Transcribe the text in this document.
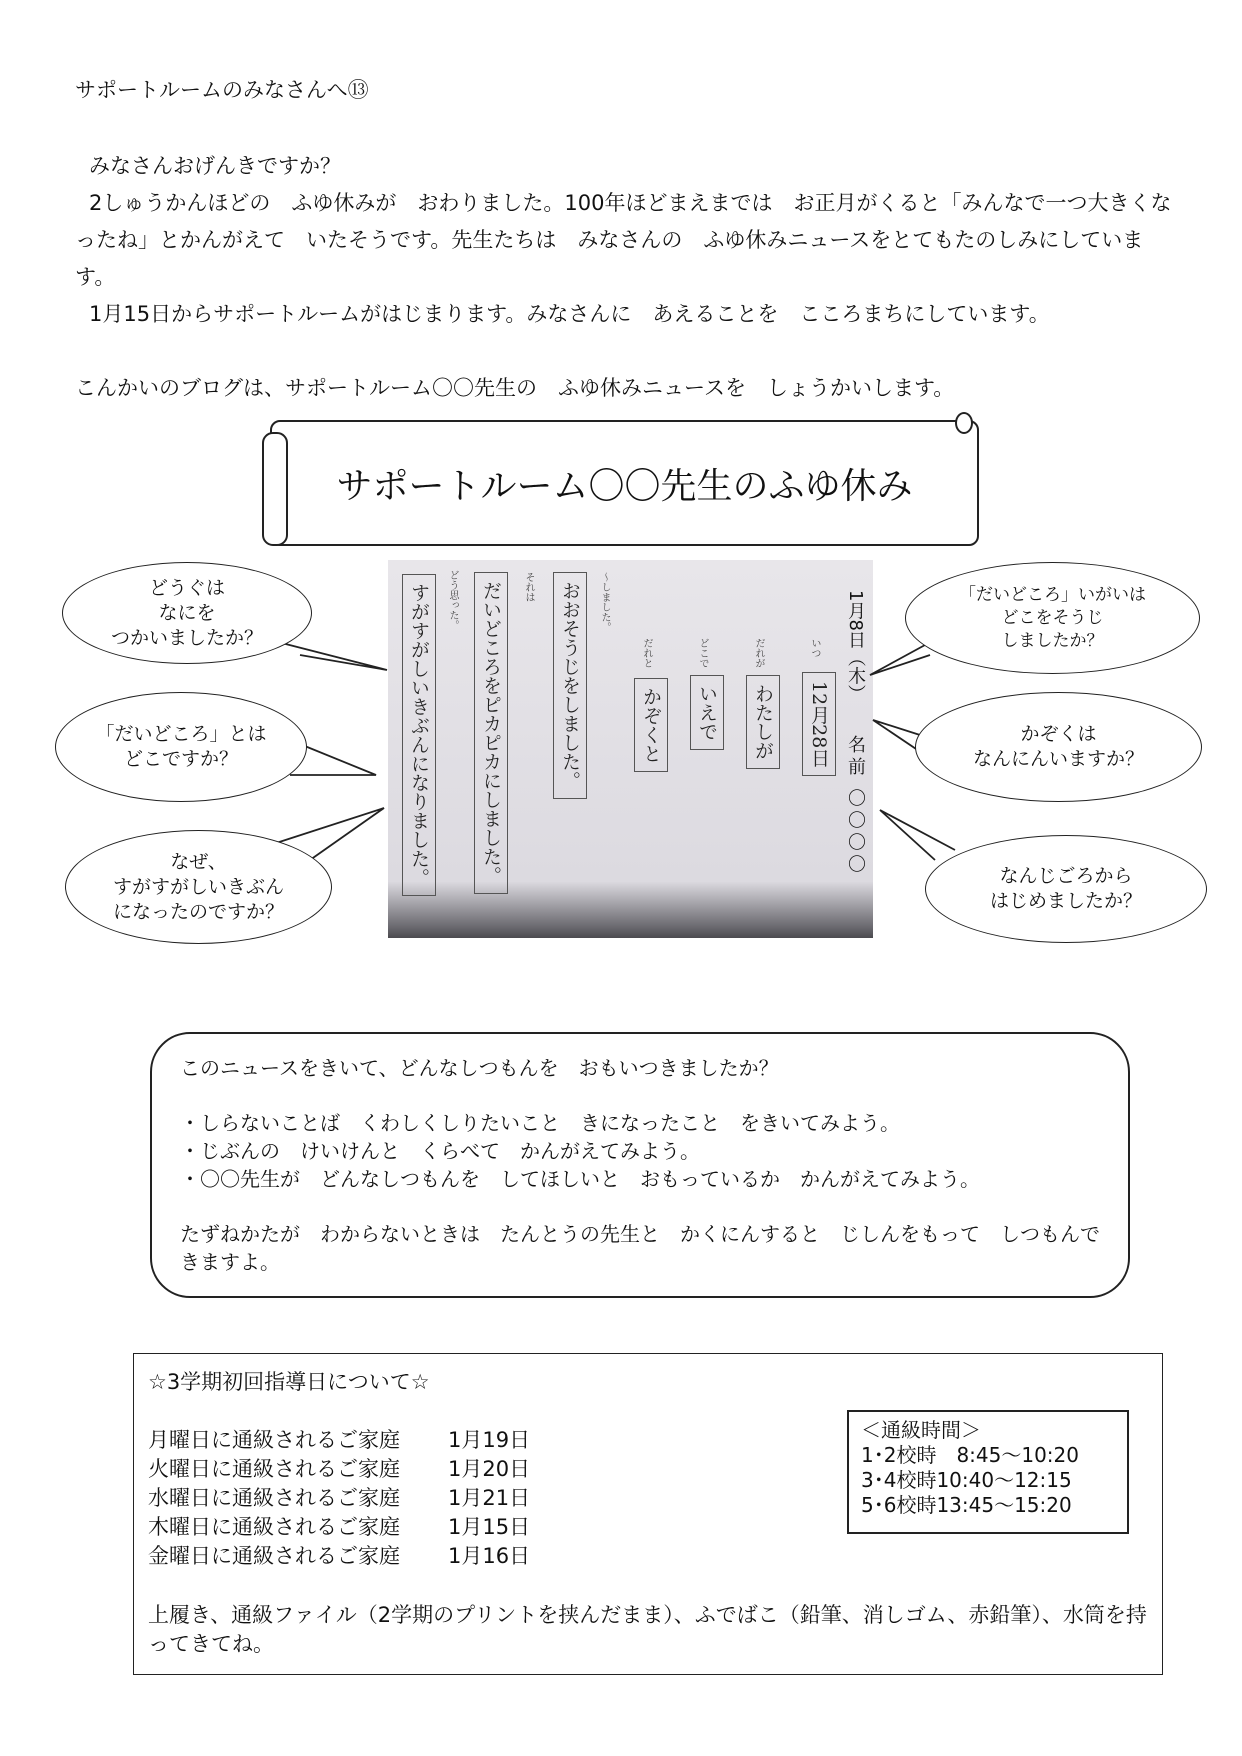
サポートルームのみなさんへ⑬
みなさんおげんきですか？
2しゅうかんほどの　ふゆ休みが　おわりました。100年ほどまえまでは　お正月がくると「みんなで一つ大きくなったね」とかんがえて　いたそうです。先生たちは　みなさんの　ふゆ休みニュースをとてもたのしみにしています。
1月15日からサポートルームがはじまります。みなさんに　あえることを　こころまちにしています。
こんかいのブログは、サポートルーム〇〇先生の　ふゆ休みニュースを　しょうかいします。
サポートルーム〇〇先生のふゆ休み
どう思った。
すがすがしいきぶんになりました。	それは
だいどころをピカピカにしました。	～しました。
おおそうじをしました。	だれと
かぞくと
どこで
いえで
だれが
わたしが
いつ
12月28日
1月8日（木）
名前 〇〇〇〇
どうぐは
なにを
つかいましたか？
「だいどころ」とは
どこですか？
なぜ、
すがすがしいきぶん
になったのですか？
「だいどころ」いがいは
どこをそうじ
しましたか？
かぞくは
なんにんいますか？
なんじごろから
はじめましたか？
このニュースをきいて、どんなしつもんを　おもいつきましたか？
・しらないことば　くわしくしりたいこと　きになったこと　をきいてみよう。
・じぶんの　けいけんと　くらべて　かんがえてみよう。
・〇〇先生が　どんなしつもんを　してほしいと　おもっているか　かんがえてみよう。
たずねかたが　わからないときは　たんとうの先生と　かくにんすると　じしんをもって　しつもんできますよ。
☆3学期初回指導日について☆
月曜日に通級されるご家庭 1月19日
火曜日に通級されるご家庭 1月20日
水曜日に通級されるご家庭 1月21日
木曜日に通級されるご家庭 1月15日
金曜日に通級されるご家庭 1月16日
上履き、通級ファイル（2学期のプリントを挟んだまま）、ふでばこ（鉛筆、消しゴム、赤鉛筆）、水筒を持ってきてね。
＜通級時間＞
1･2校時　8:45～10:20
3･4校時10:40～12:15
5･6校時13:45～15:20
